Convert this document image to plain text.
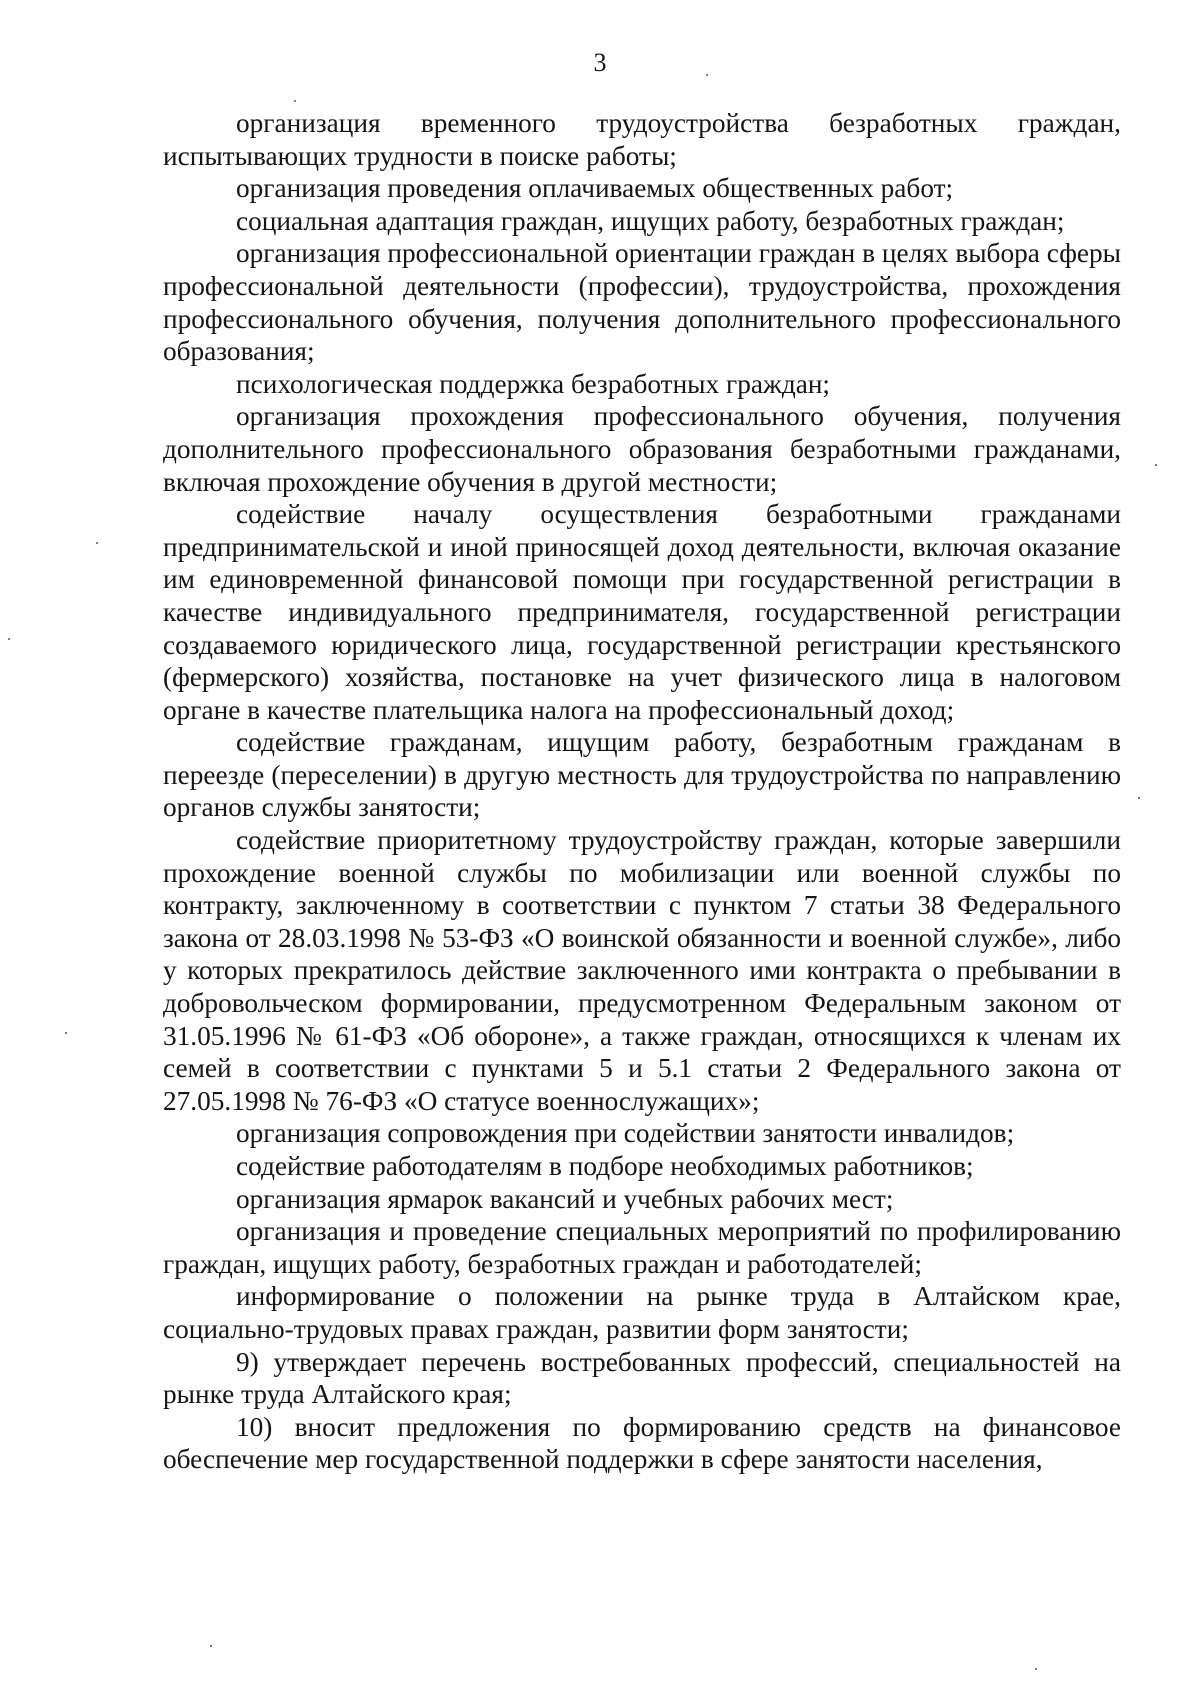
3

организация временного трудоустройства безработных граждан, испытывающих трудности в поиске работы;

организация проведения оплачиваемых общественных работ;

социальная адаптация граждан, ищущих работу, безработных граждан;

организация профессиональной ориентации граждан в целях выбора сферы профессиональной деятельности (профессии), трудоустройства, прохождения профессионального обучения, получения дополнительного профессионального образования;

психологическая поддержка безработных граждан;

организация прохождения профессионального обучения, получения дополнительного профессионального образования безработными гражданами, включая прохождение обучения в другой местности;

содействие началу осуществления безработными гражданами предпринимательской и иной приносящей доход деятельности, включая оказание им единовременной финансовой помощи при государственной регистрации в качестве индивидуального предпринимателя, государственной регистрации создаваемого юридического лица, государственной регистрации крестьянского (фермерского) хозяйства, постановке на учет физического лица в налоговом органе в качестве плательщика налога на профессиональный доход;

содействие гражданам, ищущим работу, безработным гражданам в переезде (переселении) в другую местность для трудоустройства по направлению органов службы занятости;

содействие приоритетному трудоустройству граждан, которые завершили прохождение военной службы по мобилизации или военной службы по контракту, заключенному в соответствии с пунктом 7 статьи 38 Федерального закона от 28.03.1998 № 53-ФЗ «О воинской обязанности и военной службе», либо у которых прекратилось действие заключенного ими контракта о пребывании в добровольческом формировании, предусмотренном Федеральным законом от 31.05.1996 № 61-ФЗ «Об обороне», а также граждан, относящихся к членам их семей в соответствии с пунктами 5 и 5.1 статьи 2 Федерального закона от 27.05.1998 № 76-ФЗ «О статусе военнослужащих»;

организация сопровождения при содействии занятости инвалидов;

содействие работодателям в подборе необходимых работников;

организация ярмарок вакансий и учебных рабочих мест;

организация и проведение специальных мероприятий по профилированию граждан, ищущих работу, безработных граждан и работодателей;

информирование о положении на рынке труда в Алтайском крае, социально-трудовых правах граждан, развитии форм занятости;

9) утверждает перечень востребованных профессий, специальностей на рынке труда Алтайского края;

10) вносит предложения по формированию средств на финансовое обеспечение мер государственной поддержки в сфере занятости населения,
